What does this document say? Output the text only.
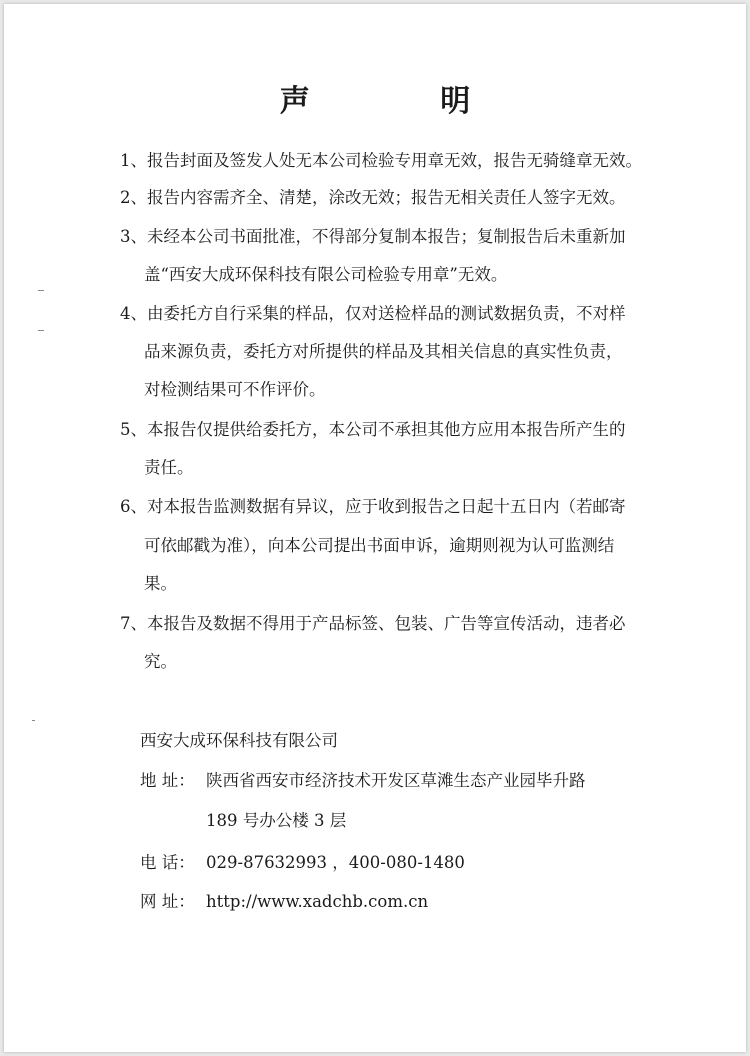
声 明
1、报告封面及签发人处无本公司检验专用章无效，报告无骑缝章无效。
2、报告内容需齐全、清楚，涂改无效；报告无相关责任人签字无效。
3、未经本公司书面批准，不得部分复制本报告；复制报告后未重新加
盖“西安大成环保科技有限公司检验专用章”无效。
4、由委托方自行采集的样品，仅对送检样品的测试数据负责，不对样
品来源负责，委托方对所提供的样品及其相关信息的真实性负责，
对检测结果可不作评价。
5、本报告仅提供给委托方，本公司不承担其他方应用本报告所产生的
责任。
6、对本报告监测数据有异议，应于收到报告之日起十五日内（若邮寄
可依邮戳为准），向本公司提出书面申诉，逾期则视为认可监测结
果。
7、本报告及数据不得用于产品标签、包装、广告等宣传活动，违者必
究。
西安大成环保科技有限公司
地 址： 陕西省西安市经济技术开发区草滩生态产业园毕升路
189 号办公楼 3 层
电 话： 029-87632993 ，400-080-1480
网 址： http://www.xadchb.com.cn
